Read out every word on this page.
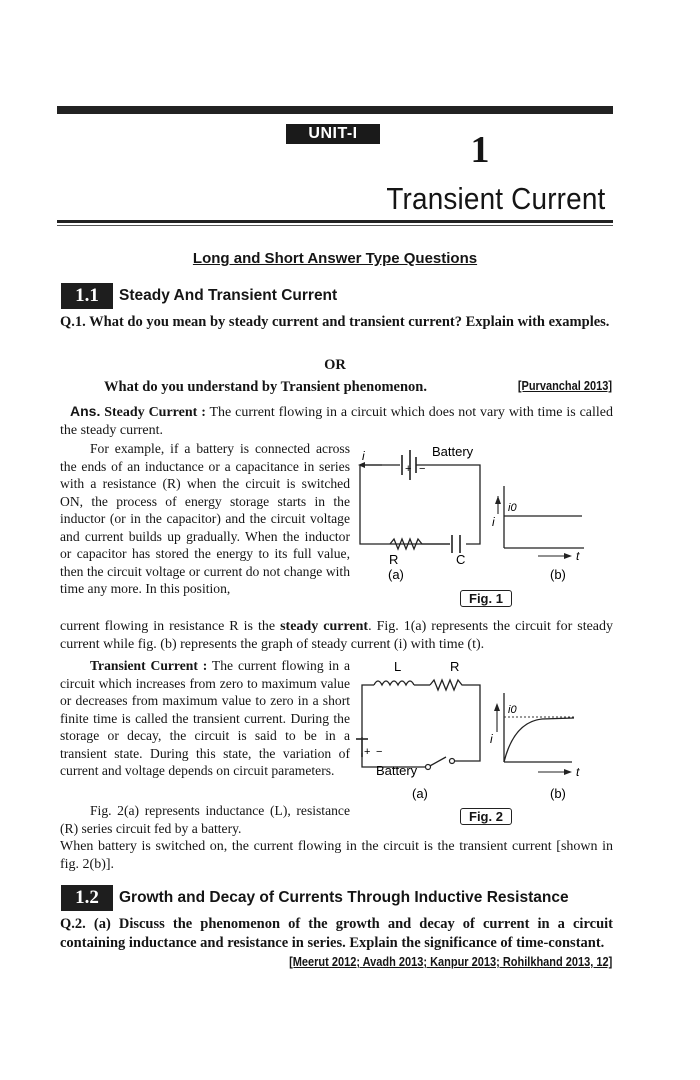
UNIT-I	1
Transient Current
Long and Short Answer Type Questions
1.1	Steady And Transient Current
Q.1. What do you mean by steady current and transient current? Explain with examples.
OR
What do you understand by Transient phenomenon.	[Purvanchal 2013]
Ans. Steady Current : The current flowing in a circuit which does not vary with time is called the steady current.
For example, if a battery is connected across the ends of an inductance or a capacitance in series with a resistance (R) when the circuit is switched ON, the process of energy storage starts in the inductor (or in the capacitor) and the circuit voltage and current builds up gradually. When the inductor or capacitor has stored the energy to its full value, then the circuit voltage or current do not change with time any more. In this position,
current flowing in resistance R is the steady current. Fig. 1(a) represents the circuit for steady current while fig. (b) represents the graph of steady current (i) with time (t).
i
+ −
Battery
R	C
(a)	(b)
i
i0
t
Fig. 1
Transient Current : The current flowing in a circuit which increases from zero to maximum value or decreases from maximum value to zero in a short finite time is called the transient current. During the storage or decay, the circuit is said to be in a transient state. During this state, the variation of current and voltage depends on circuit parameters.
Fig. 2(a) represents inductance (L), resistance (R) series circuit fed by a battery.
When battery is switched on, the current flowing in the circuit is the transient current [shown in fig. 2(b)].
L	R
+ −
Battery
(a)	(b)
i
i0
t
Fig. 2
1.2	Growth and Decay of Currents Through Inductive Resistance
Q.2. (a) Discuss the phenomenon of the growth and decay of current in a circuit containing inductance and resistance in series. Explain the significance of time-constant.
[Meerut 2012; Avadh 2013; Kanpur 2013; Rohilkhand 2013, 12]
